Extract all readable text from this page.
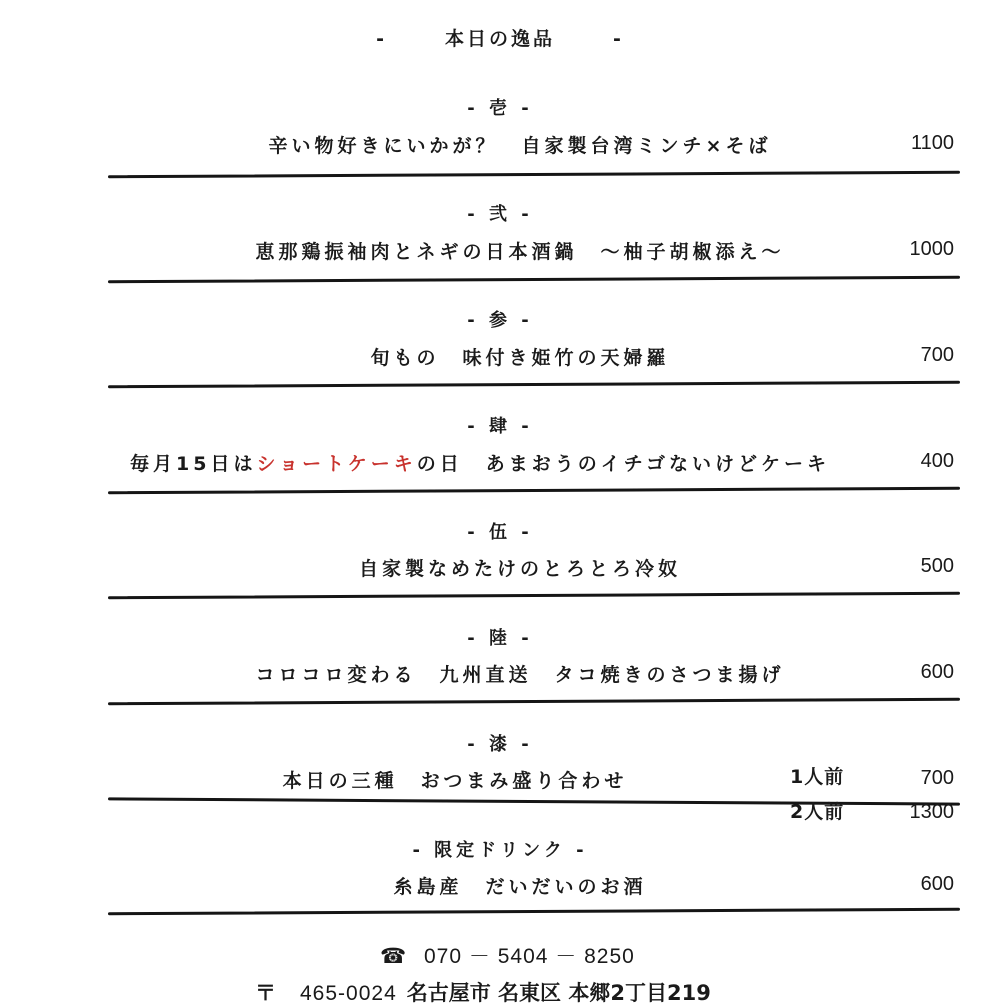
-	本日の逸品	-
- 壱 -
辛い物好きにいかが？　自家製台湾ミンチ×そば	1100
- 弐 -
恵那鶏振袖肉とネギの日本酒鍋　～柚子胡椒添え～	1000
- 参 -
旬もの　味付き姫竹の天婦羅	700
- 肆 -
毎月15日はショートケーキの日　あまおうのイチゴないけどケーキ	400
- 伍 -
自家製なめたけのとろとろ冷奴	500
- 陸 -
コロコロ変わる　九州直送　タコ焼きのさつま揚げ	600
- 漆 -
本日の三種　おつまみ盛り合わせ	1人前	700
2人前	1300
- 限定ドリンク -
糸島産　だいだいのお酒	600
☎ 070 － 5404 － 8250
〒 465-0024 名古屋市 名東区 本郷2丁目219
